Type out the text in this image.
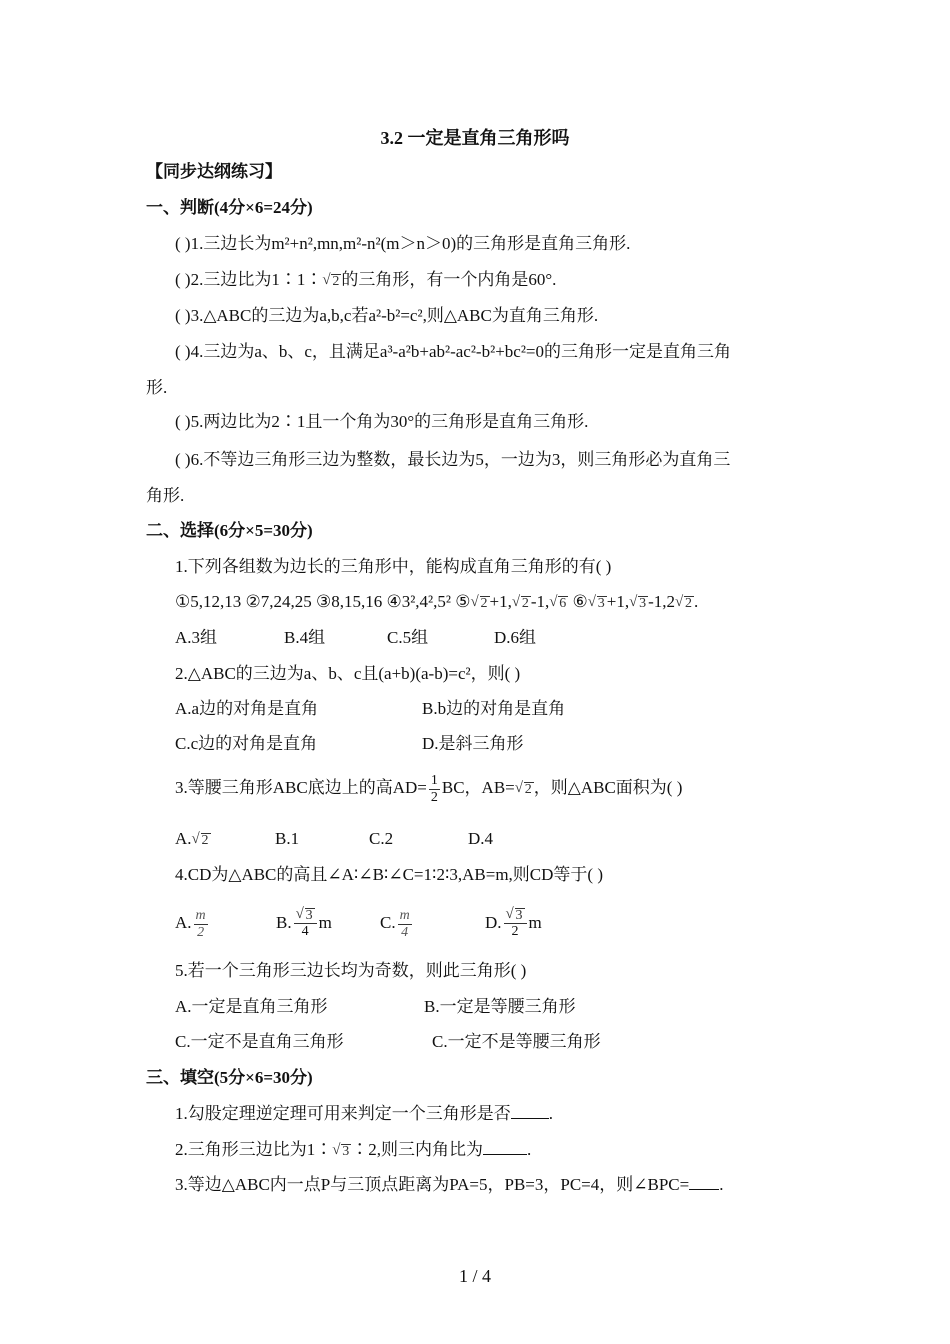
3.2 一定是直角三角形吗
【同步达纲练习】
一、判断(4分×6=24分)
( )1.三边长为m²+n²,mn,m²-n²(m＞n＞0)的三角形是直角三角形.
( )2.三边比为1∶1∶ √ 2 的三角形，有一个内角是60°.
( )3.△ABC的三边为a,b,c若a²-b²=c²,则△ABC为直角三角形.
( )4.三边为a、b、c，且满足a³-a²b+ab²-ac²-b²+bc²=0的三角形一定是直角三角
形.
( )5.两边比为2∶1且一个角为30°的三角形是直角三角形.
( )6.不等边三角形三边为整数，最长边为5，一边为3，则三角形必为直角三
角形.
二、选择(6分×5=30分)
1.下列各组数为边长的三角形中，能构成直角三角形的有( )
①5,12,13 ②7,24,25 ③8,15,16 ④3²,4²,5² ⑤ √ 2 +1, √ 2 -1, √ 6 ⑥ √ 3 +1, √ 3 -1,2 √ 2 .
A.3组	B.4组	C.5组	D.6组
2.△ABC的三边为a、b、c且(a+b)(a-b)=c²，则( )
A.a边的对角是直角	B.b边的对角是直角
C.c边的对角是直角	D.是斜三角形
3.等腰三角形ABC底边上的高$AD= \frac{1}{2}$ BC，AB= √ 2 ，则△ABC面积为( )
A. √ 2	B.1	C.2	D.4
4.CD为△ABC的高且∠A∶∠B∶∠C=1∶2∶3,AB=m,则CD等于( )
A. $\frac{m}{2}$	B. √ $\frac{3}{4}$ m	C. $\frac{m}{4}$	D. √ $\frac{3}{2}$ m
5.若一个三角形三边长均为奇数，则此三角形( )
A.一定是直角三角形	B.一定是等腰三角形
C.一定不是直角三角形	C.一定不是等腰三角形
三、填空(5分×6=30分)
1.勾股定理逆定理可用来判定一个三角形是否 .
2.三角形三边比为1∶ √ 3 ∶2,则三内角比为	.
3.等边△ABC内一点P与三顶点距离为PA=5，PB=3，PC=4，则∠BPC= .
1 / 4
